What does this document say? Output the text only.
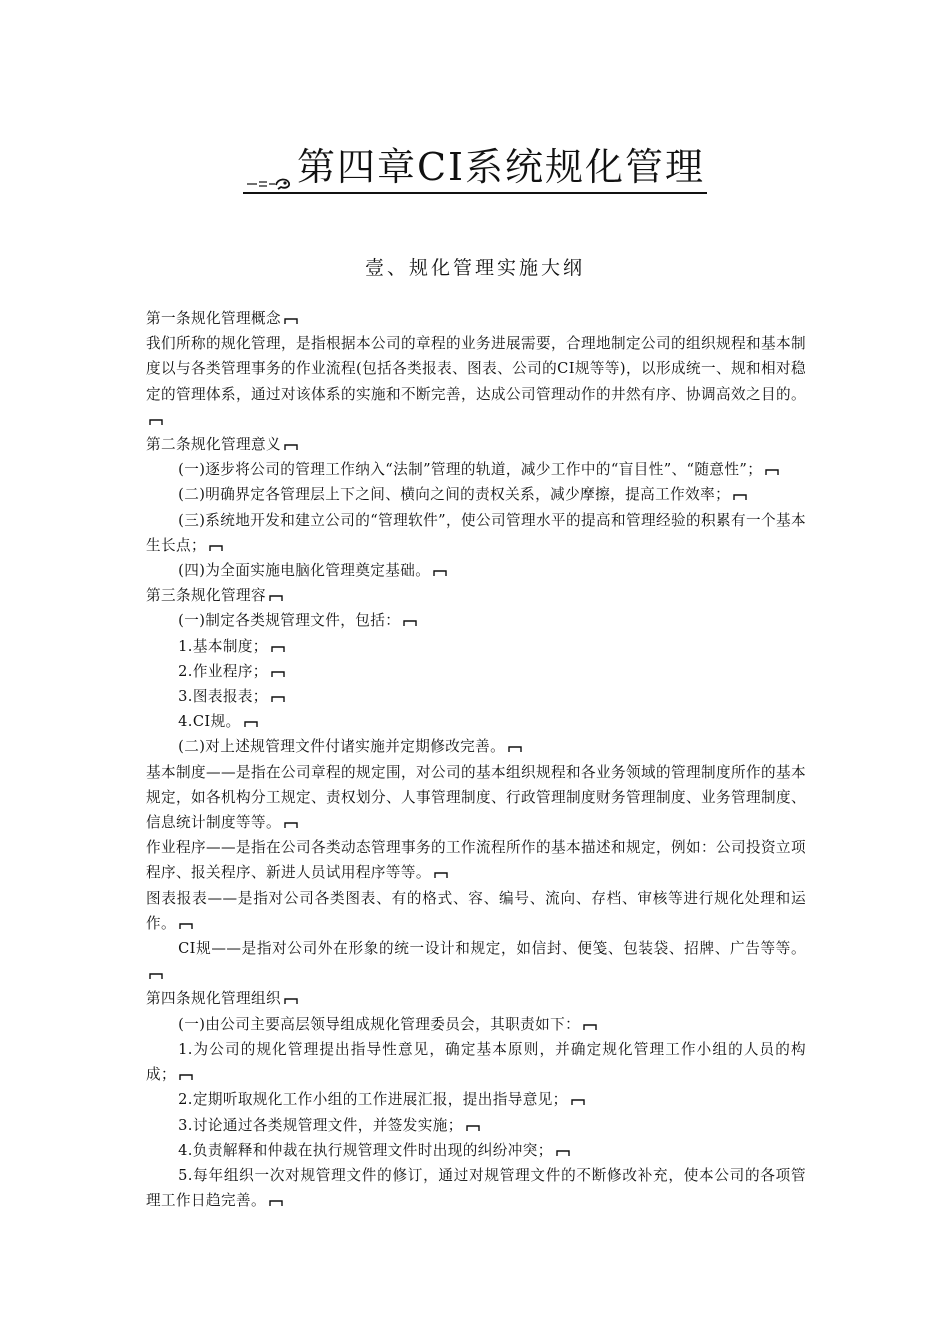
第四章CI系统规化管理
壹、规化管理实施大纲

第一条规化管理概念

我们所称的规化管理，是指根据本公司的章程的业务进展需要，合理地制定公司的组织规程和基本制度以与各类管理事务的作业流程(包括各类报表、图表、公司的CI规等等)，以形成统一、规和相对稳定的管理体系，通过对该体系的实施和不断完善，达成公司管理动作的井然有序、协调高效之目的。

第二条规化管理意义

(一)逐步将公司的管理工作纳入“法制”管理的轨道，减少工作中的“盲目性”、“随意性”；

(二)明确界定各管理层上下之间、横向之间的责权关系，减少摩擦，提高工作效率；

(三)系统地开发和建立公司的“管理软件”，使公司管理水平的提高和管理经验的积累有一个基本生长点；

(四)为全面实施电脑化管理奠定基础。

第三条规化管理容

(一)制定各类规管理文件，包括：

1.基本制度；

2.作业程序；

3.图表报表；

4.CI规。

(二)对上述规管理文件付诸实施并定期修改完善。

基本制度——是指在公司章程的规定围，对公司的基本组织规程和各业务领域的管理制度所作的基本规定，如各机构分工规定、责权划分、人事管理制度、行政管理制度财务管理制度、业务管理制度、信息统计制度等等。

作业程序——是指在公司各类动态管理事务的工作流程所作的基本描述和规定，例如：公司投资立项程序、报关程序、新进人员试用程序等等。

图表报表——是指对公司各类图表、有的格式、容、编号、流向、存档、审核等进行规化处理和运作。

CI规——是指对公司外在形象的统一设计和规定，如信封、便笺、包装袋、招牌、广告等等。

第四条规化管理组织

(一)由公司主要高层领导组成规化管理委员会，其职责如下：

1.为公司的规化管理提出指导性意见，确定基本原则，并确定规化管理工作小组的人员的构成；

2.定期听取规化工作小组的工作进展汇报，提出指导意见；

3.讨论通过各类规管理文件，并签发实施；

4.负责解释和仲裁在执行规管理文件时出现的纠纷冲突；

5.每年组织一次对规管理文件的修订，通过对规管理文件的不断修改补充，使本公司的各项管理工作日趋完善。
